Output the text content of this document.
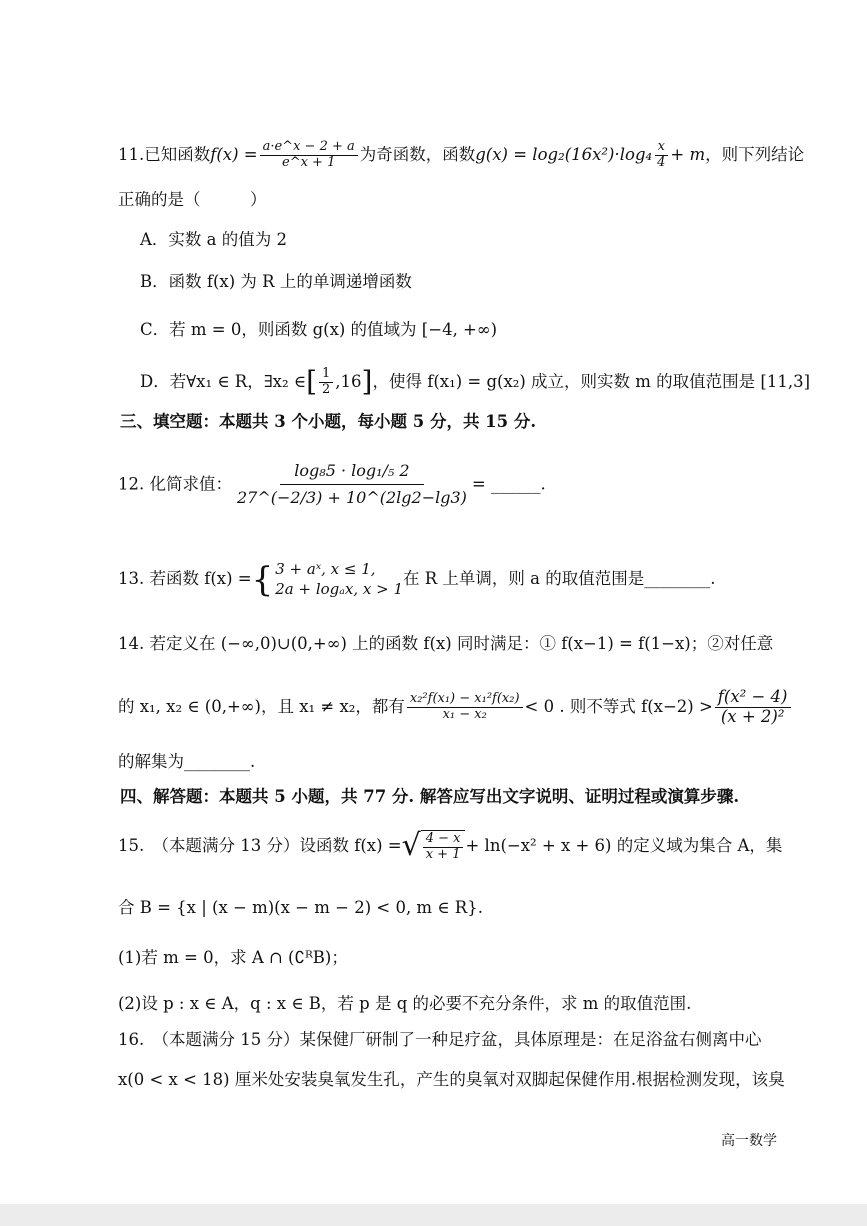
11.已知函数$f(x) = \frac{a\cdot e\^{}x - 2 + a}{e\^{}x + 1}$ 为奇函数，函数$g(x) = \log_2(16x^2)\cdot\log_4 \frac{x}{4} + m$，则下列结论
正确的是（　　　）
A．实数 a 的值为 2
B．函数 f(x) 为 R 上的单调递增函数
C．若 m = 0，则函数 g(x) 的值域为 [−4, +∞)
D．若∀x₁ ∈ R，∃x₂ ∈[ $\frac{1}{2} ,16$]，使得 f(x₁) = g(x₂) 成立，则实数 m 的取值范围是 [11,3]
三、填空题：本题共 3 个小题，每小题 5 分，共 15 分.
12. 化简求值： $\frac{\text{log₈5 · log₁/₅ 2}}{27\^{}(-2/3) + 10\^{}(2\lg 2-\lg 3)}$ = ______.
13. 若函数 f(x) = { 3 + aˣ, x ≤ 1,
2a + logₐx, x > 1
在 R 上单调，则 a 的取值范围是________.
14. 若定义在 (−∞,0)∪(0,+∞) 上的函数 f(x) 同时满足：① f(x−1) = f(1−x)；②对任意
的 x₁, x₂ ∈ (0,+∞)，且 x₁ ≠ x₂，都有 $\frac{\text{x₂²f(x₁) − x₁²f(x₂)}}{\text{x₁ − x₂}} < 0$ . 则不等式 $f(x-2) > \frac{\text{f(x² − 4)}}{\text{(x + 2)²}}$
的解集为________.
四、解答题：本题共 5 小题，共 77 分. 解答应写出文字说明、证明过程或演算步骤.
15.　（本题满分 13 分）设函数 f(x) = √ $\frac{4 - x}{x + 1} + \ln(-x^2 + x + 6)$ 的定义域为集合 A，集
合 B = {x | (x − m)(x − m − 2) < 0, m ∈ R}.
(1)若 m = 0，求 A ∩ (∁ᴿB)；
(2)设 p : x ∈ A，q : x ∈ B，若 p 是 q 的必要不充分条件，求 m 的取值范围.
16.　（本题满分 15 分）某保健厂研制了一种足疗盆，具体原理是：在足浴盆右侧离中心
x(0 < x < 18) 厘米处安装臭氧发生孔，产生的臭氧对双脚起保健作用.根据检测发现，该臭
高一数学
